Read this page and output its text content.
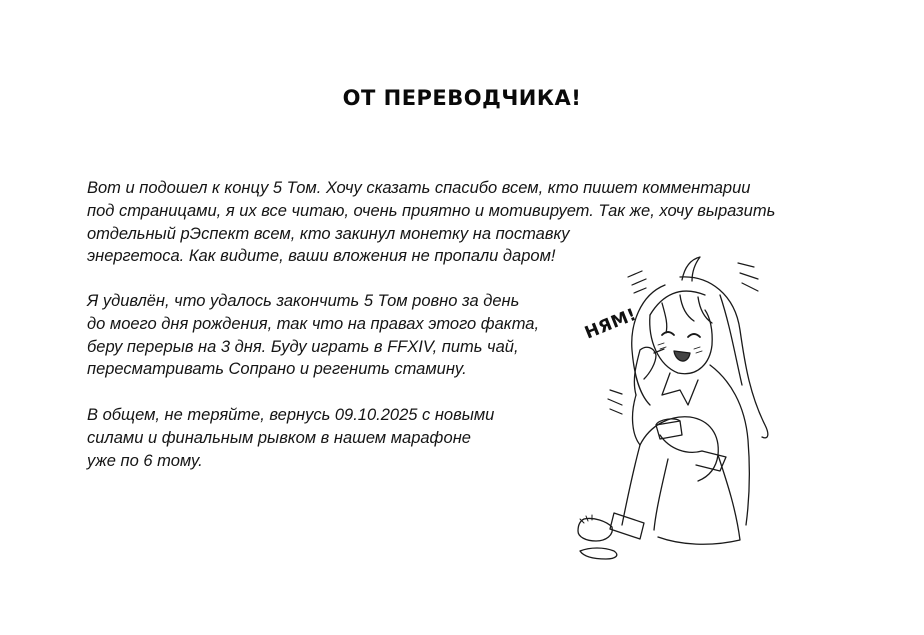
ОТ ПЕРЕВОДЧИКА!
Вот и подошел к концу 5 Том. Хочу сказать спасибо всем, кто пишет комментарии
под страницами, я их все читаю, очень приятно и мотивирует. Так же, хочу выразить
отдельный рЭспект всем, кто закинул монетку на поставку
энергетоса. Как видите, ваши вложения не пропали даром!
Я удивлён, что удалось закончить 5 Том ровно за день
до моего дня рождения, так что на правах этого факта,
беру перерыв на 3 дня. Буду играть в FFXIV, пить чай,
пересматривать Сопрано и регенить стамину.
В общем, не теряйте, вернусь 09.10.2025 с новыми
силами и финальным рывком в нашем марафоне
уже по 6 тому.
НЯМ!
